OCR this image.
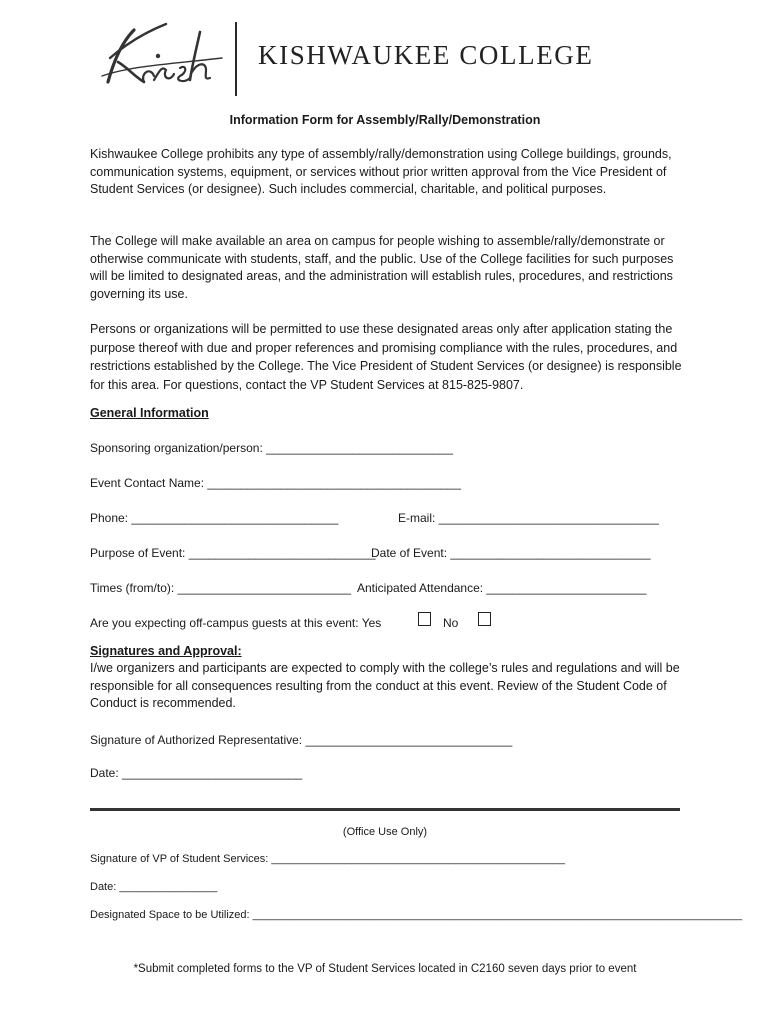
KISHWAUKEE COLLEGE
Information Form for Assembly/Rally/Demonstration

Kishwaukee College prohibits any type of assembly/rally/demonstration using College buildings, grounds, communication systems, equipment, or services without prior written approval from the Vice President of Student Services (or designee). Such includes commercial, charitable, and political purposes.

The College will make available an area on campus for people wishing to assemble/rally/demonstrate or otherwise communicate with students, staff, and the public. Use of the College facilities for such purposes will be limited to designated areas, and the administration will establish rules, procedures, and restrictions governing its use.

Persons or organizations will be permitted to use these designated areas only after application stating the purpose thereof with due and proper references and promising compliance with the rules, procedures, and restrictions established by the College. The Vice President of Student Services (or designee) is responsible for this area. For questions, contact the VP Student Services at 815-825-9807.

General Information
Sponsoring organization/person: ____________________________
Event Contact Name: ______________________________________
Phone: _______________________________	E-mail: _________________________________
Purpose of Event: ____________________________
Date of Event: ______________________________
Times (from/to): __________________________ Anticipated Attendance: ________________________
Are you expecting off-campus guests at this event: Yes	No
Signatures and Approval:

I/we organizers and participants are expected to comply with the college’s rules and regulations and will be responsible for all consequences resulting from the conduct at this event. Review of the Student Code of Conduct is recommended.

Signature of Authorized Representative: _______________________________
Date: ___________________________
(Office Use Only)
Signature of VP of Student Services: ________________________________________________
Date: ________________
Designated Space to be Utilized: ________________________________________________________________________________
*Submit completed forms to the VP of Student Services located in C2160 seven days prior to event
